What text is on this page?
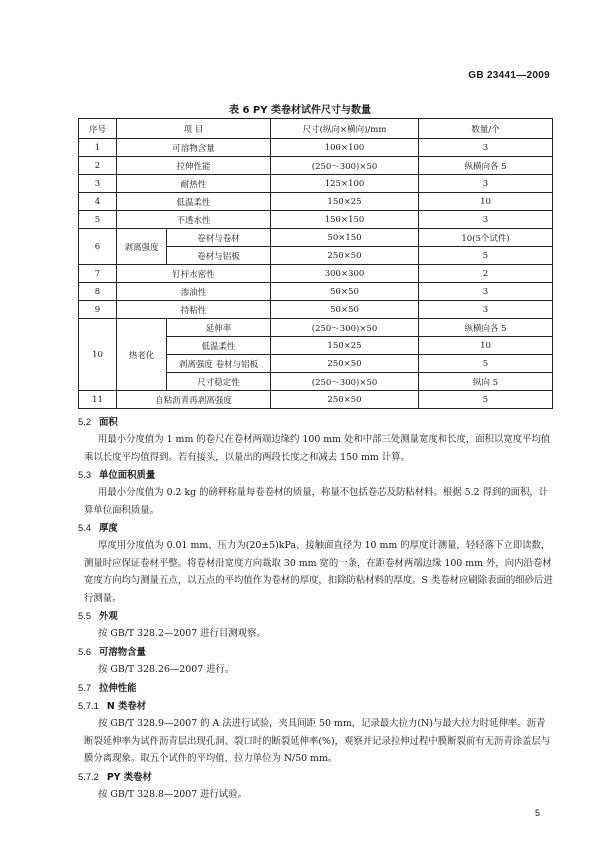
GB 23441—2009
表 6 PY 类卷材试件尺寸与数量
序号	项 目		尺寸(纵向×横向)/mm	数量/个
1	可溶物含量		100×100	3
2	拉伸性能		(250～300)×50	纵横向各 5
3	耐热性		125×100	3
4	低温柔性		150×25	10
5	不透水性		150×150	3
6	剥离强度	卷材与卷材	50×150	10(5个试件)
		卷材与铝板	250×50	5
7	钉杆水密性		300×300	2
8	渗油性		50×50	3
9	持粘性		50×50	3
10	热老化	延伸率	(250～300)×50	纵横向各 5
		低温柔性	150×25	10
		剥离强度 卷材与铝板	250×50	5
		尺寸稳定性	(250～300)×50	纵向 5
11	自粘沥青再剥离强度		250×50	5
5.2 面积

用最小分度值为 1 mm 的卷尺在卷材两端边缘约 100 mm 处和中部三处测量宽度和长度，面积以宽度平均值乘以长度平均值得到。若有接头，以量出的两段长度之和减去 150 mm 计算。

5.3 单位面积质量

用最小分度值为 0.2 kg 的磅秤称量每卷卷材的质量，称量不包括卷芯及防粘材料。根据 5.2 得到的面积，计算单位面积质量。

5.4 厚度

厚度用分度值为 0.01 mm、压力为(20±5)kPa、接触面直径为 10 mm 的厚度计测量，轻轻落下立即读数，测量时应保证卷材平整。将卷材沿宽度方向裁取 30 mm 宽的一条，在距卷材两端边缘 100 mm 外，向内沿卷材宽度方向均匀测量五点，以五点的平均值作为卷材的厚度，扣除防粘材料的厚度。S 类卷材应刷除表面的细砂后进行测量。

5.5 外观

按 GB/T 328.2—2007 进行目测观察。

5.6 可溶物含量

按 GB/T 328.26—2007 进行。

5.7 拉伸性能
5.7.1 N 类卷材

按 GB/T 328.9—2007 的 A 法进行试验，夹具间距 50 mm，记录最大拉力(N)与最大拉力时延伸率。沥青断裂延伸率为试件沥青层出现孔洞、裂口时的断裂延伸率(%)，观察并记录拉伸过程中膜断裂前有无沥青涂盖层与膜分离现象。取五个试件的平均值，拉力单位为 N/50 mm。

5.7.2 PY 类卷材

按 GB/T 328.8—2007 进行试验。

5
